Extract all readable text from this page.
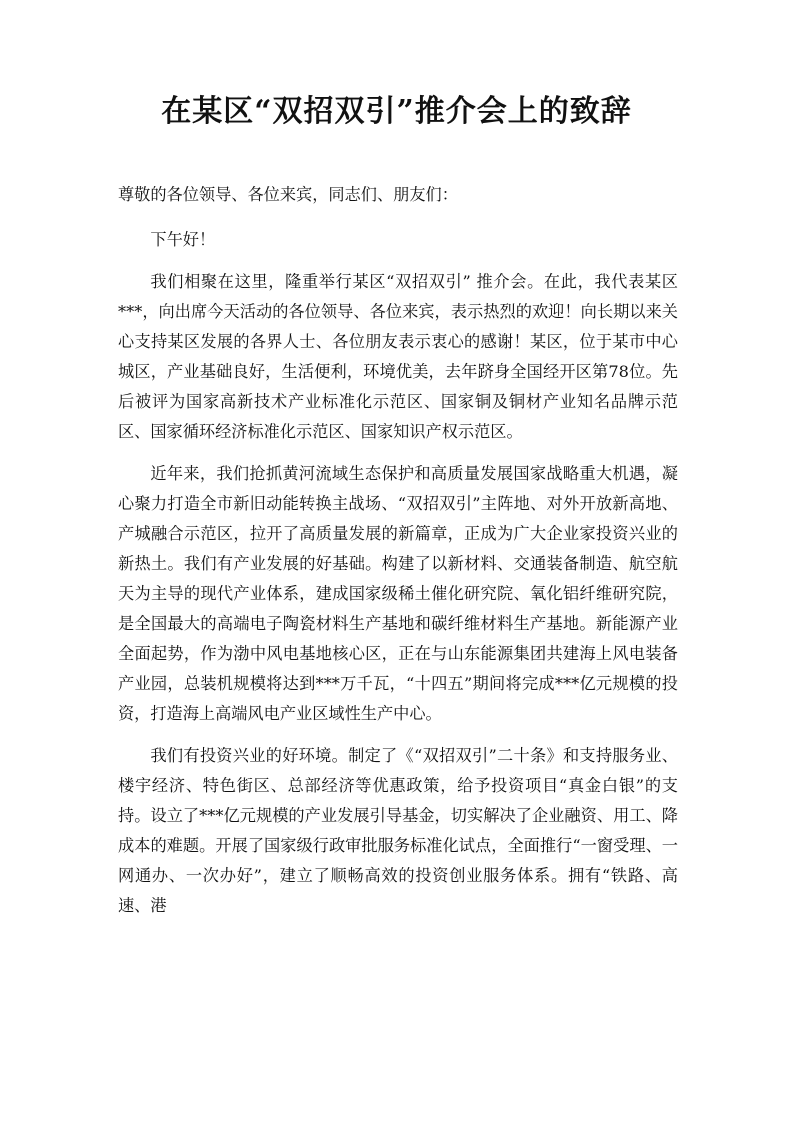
在某区“双招双引”推介会上的致辞

尊敬的各位领导、各位来宾，同志们、朋友们：

下午好！

我们相聚在这里，隆重举行某区“双招双引” 推介会。在此，我代表某区***，向出席今天活动的各位领导、各位来宾，表示热烈的欢迎！向长期以来关心支持某区发展的各界人士、各位朋友表示衷心的感谢！某区，位于某市中心城区，产业基础良好，生活便利，环境优美，去年跻身全国经开区第78位。先后被评为国家高新技术产业标准化示范区、国家铜及铜材产业知名品牌示范区、国家循环经济标准化示范区、国家知识产权示范区。

近年来，我们抢抓黄河流域生态保护和高质量发展国家战略重大机遇，凝心聚力打造全市新旧动能转换主战场、“双招双引”主阵地、对外开放新高地、产城融合示范区，拉开了高质量发展的新篇章，正成为广大企业家投资兴业的新热土。我们有产业发展的好基础。构建了以新材料、交通装备制造、航空航天为主导的现代产业体系，建成国家级稀土催化研究院、氧化铝纤维研究院，是全国最大的高端电子陶瓷材料生产基地和碳纤维材料生产基地。新能源产业全面起势，作为渤中风电基地核心区，正在与山东能源集团共建海上风电装备产业园，总装机规模将达到***万千瓦，“十四五”期间将完成***亿元规模的投资，打造海上高端风电产业区域性生产中心。

我们有投资兴业的好环境。制定了《“双招双引”二十条》和支持服务业、楼宇经济、特色街区、总部经济等优惠政策，给予投资项目“真金白银”的支持。设立了***亿元规模的产业发展引导基金，切实解决了企业融资、用工、降成本的难题。开展了国家级行政审批服务标准化试点，全面推行“一窗受理、一网通办、一次办好”，建立了顺畅高效的投资创业服务体系。拥有“铁路、高速、港
